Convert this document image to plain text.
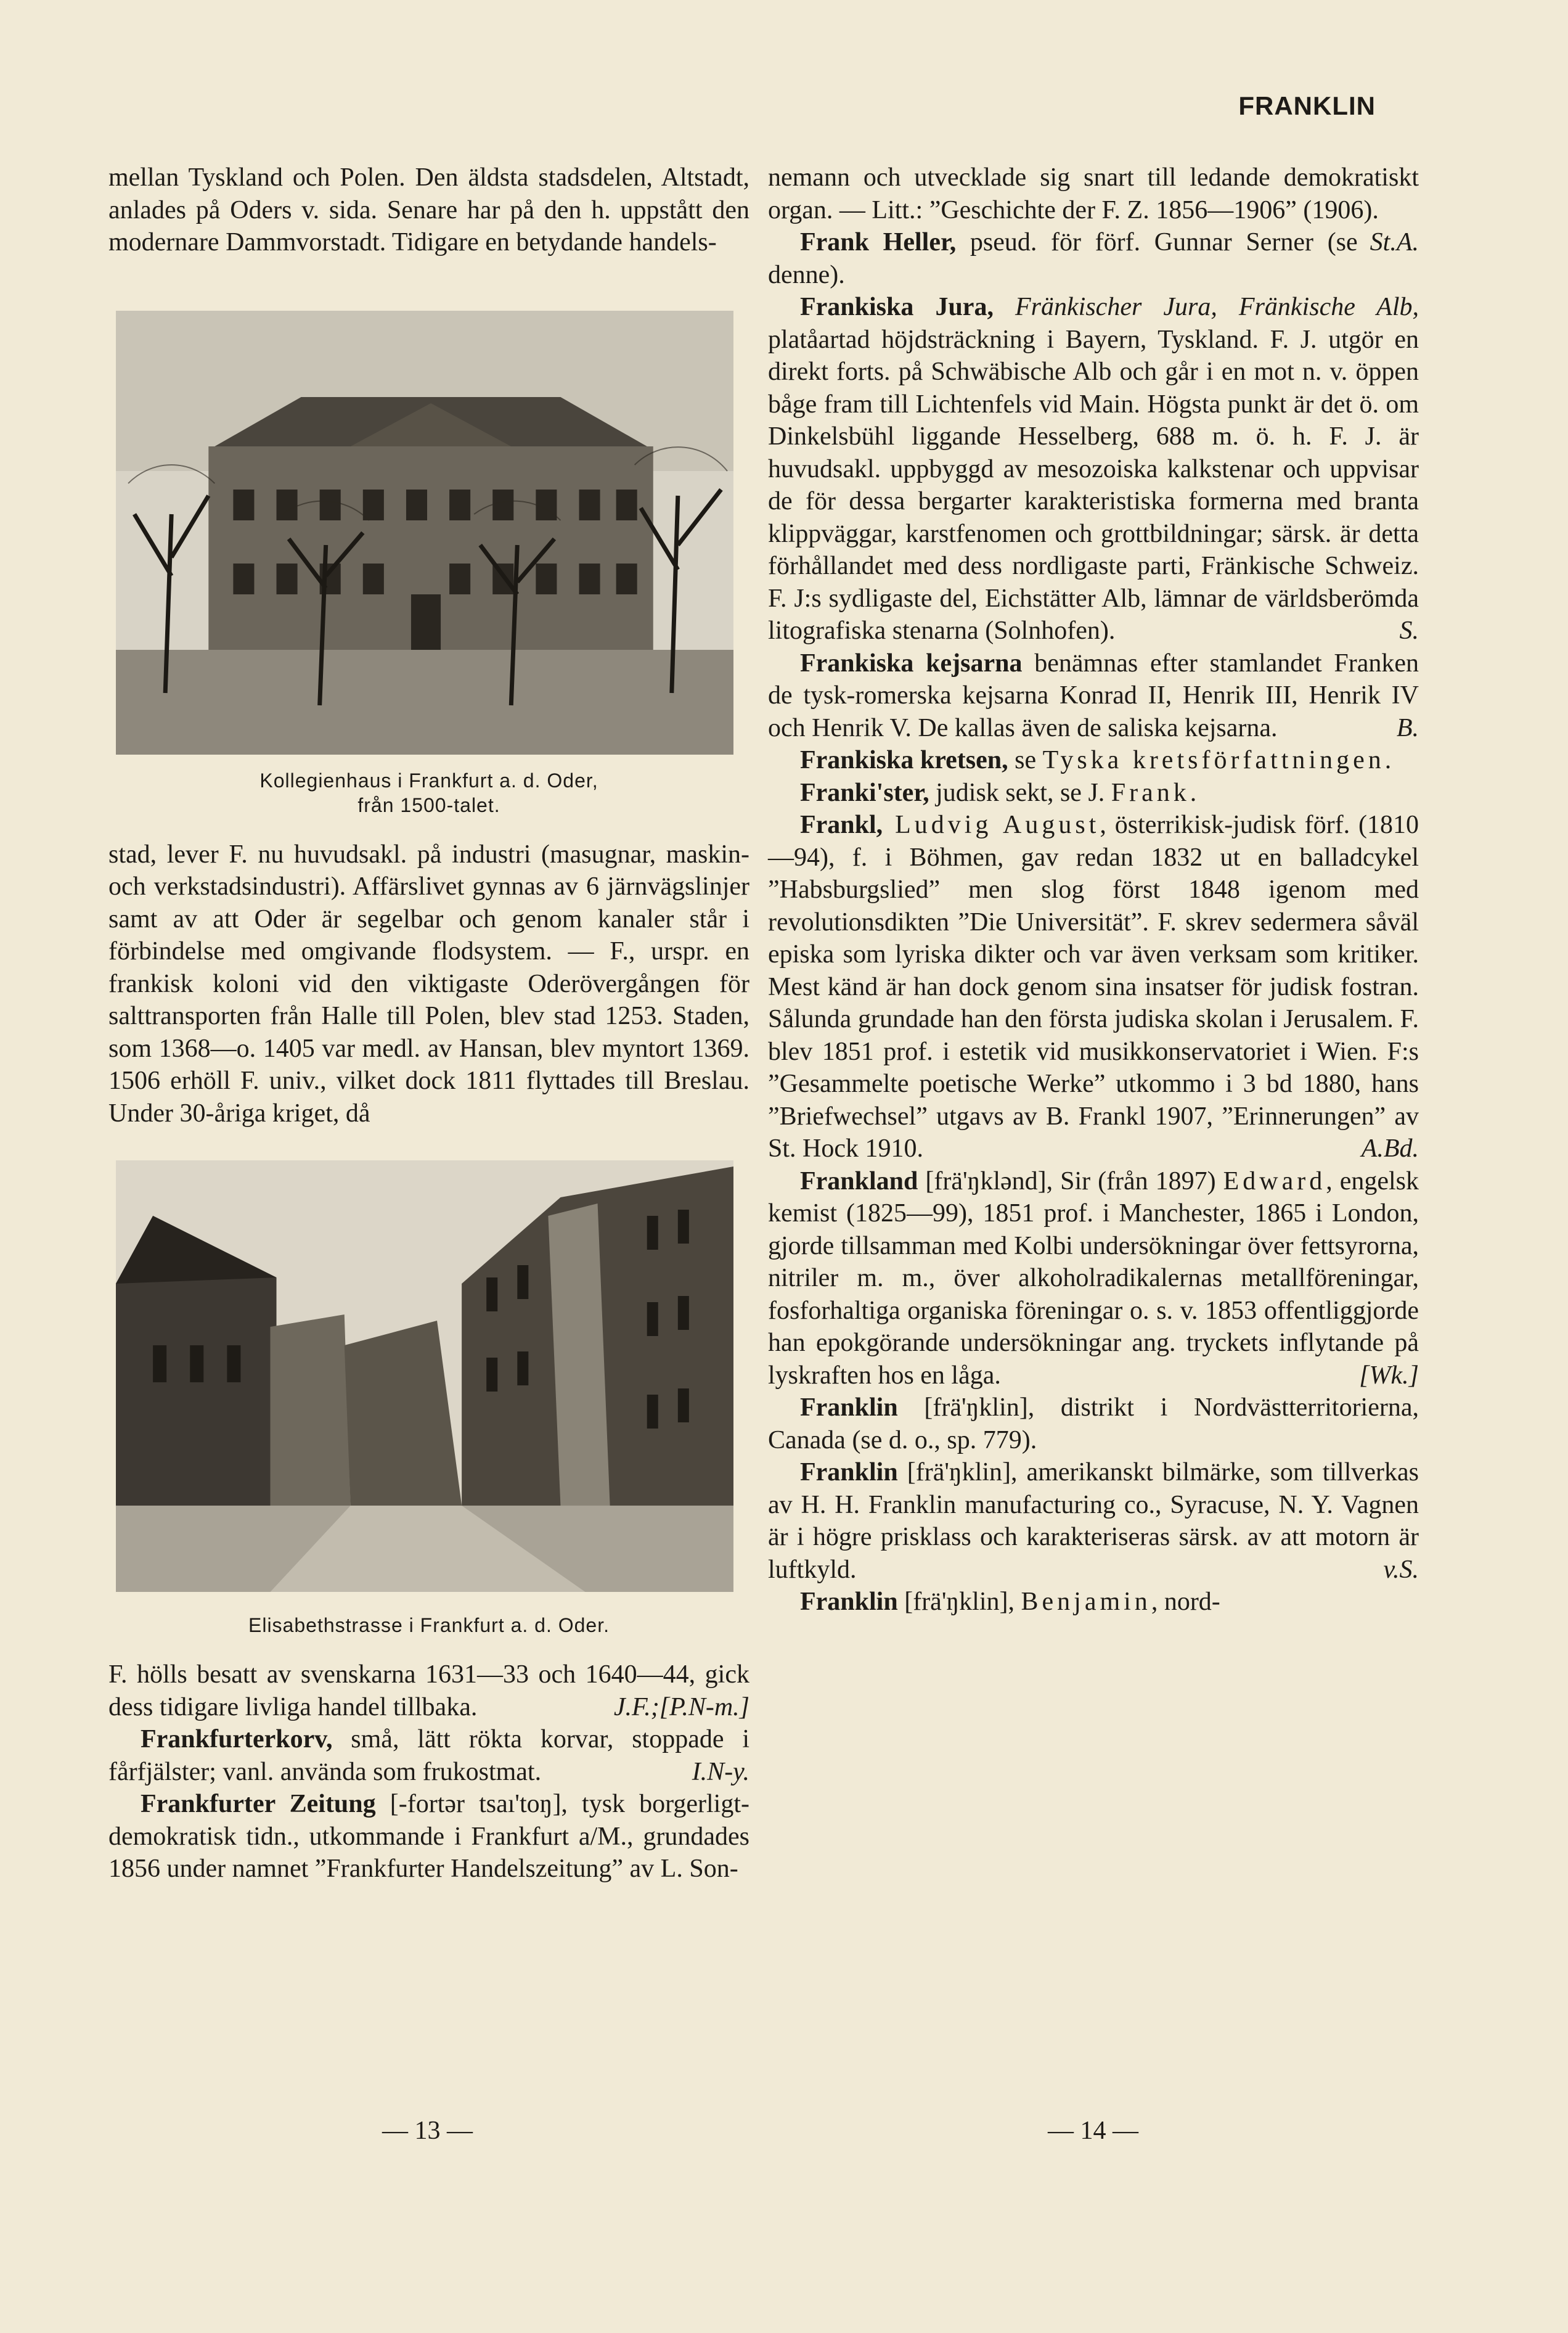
FRANKLIN

mellan Tyskland och Polen. Den äldsta stadsdelen, Altstadt, anlades på Oders v. sida. Senare har på den h. uppstått den modernare Dammvorstadt. Tidigare en betydande handels-

Kollegienhaus i Frankfurt a. d. Oder,
från 1500-talet.

stad, lever F. nu huvudsakl. på industri (masugnar, maskin- och verkstadsindustri). Affärslivet gynnas av 6 järnvägslinjer samt av att Oder är segelbar och genom kanaler står i förbindelse med omgivande flodsystem. — F., urspr. en frankisk koloni vid den viktigaste Oderövergången för salttransporten från Halle till Polen, blev stad 1253. Staden, som 1368—o. 1405 var medl. av Hansan, blev myntort 1369. 1506 erhöll F. univ., vilket dock 1811 flyttades till Breslau. Under 30-åriga kriget, då

Elisabethstrasse i Frankfurt a. d. Oder.

F. hölls besatt av svenskarna 1631—33 och 1640—44, gick dess tidigare livliga handel tillbaka.	J.F.;[P.N-m.]

Frankfurterkorv, små, lätt rökta korvar, stoppade i fårfjälster; vanl. använda som frukostmat.	I.N-y.

Frankfurter Zeitung [-fortər tsaı'toŋ], tysk borgerligt-demokratisk tidn., utkommande i Frankfurt a/M., grundades 1856 under namnet ”Frankfurter Handelszeitung” av L. Son-

nemann och utvecklade sig snart till ledande demokratiskt organ. — Litt.: ”Geschichte der F. Z. 1856—1906” (1906).
St.A.

Frank Heller, pseud. för förf. Gunnar Serner (se denne).

Frankiska Jura, Fränkischer Jura, Fränkische Alb, platåartad höjdsträckning i Bayern, Tyskland. F. J. utgör en direkt forts. på Schwäbische Alb och går i en mot n. v. öppen båge fram till Lichtenfels vid Main. Högsta punkt är det ö. om Dinkelsbühl liggande Hesselberg, 688 m. ö. h. F. J. är huvudsakl. uppbyggd av mesozoiska kalkstenar och uppvisar de för dessa bergarter karakteristiska formerna med branta klippväggar, karstfenomen och grottbildningar; särsk. är detta förhållandet med dess nordligaste parti, Fränkische Schweiz. F. J:s sydligaste del, Eichstätter Alb, lämnar de världsberömda litografiska stenarna (Solnhofen).	S.

Frankiska kejsarna benämnas efter stamlandet Franken de tysk-romerska kejsarna Konrad II, Henrik III, Henrik IV och Henrik V. De kallas även de saliska kejsarna.	B.

Frankiska kretsen, se Tyska kretsförfattningen.

Franki'ster, judisk sekt, se J. Frank.

Frankl, Ludvig August, österrikisk-judisk förf. (1810—94), f. i Böhmen, gav redan 1832 ut en balladcykel ”Habsburgslied” men slog först 1848 igenom med revolutionsdikten ”Die Universität”. F. skrev sedermera såväl episka som lyriska dikter och var även verksam som kritiker. Mest känd är han dock genom sina insatser för judisk fostran. Sålunda grundade han den första judiska skolan i Jerusalem. F. blev 1851 prof. i estetik vid musikkonservatoriet i Wien. F:s ”Gesammelte poetische Werke” utkommo i 3 bd 1880, hans ”Briefwechsel” utgavs av B. Frankl 1907, ”Erinnerungen” av St. Hock 1910.	A.Bd.

Frankland [frä'ŋklənd], Sir (från 1897) Edward, engelsk kemist (1825—99), 1851 prof. i Manchester, 1865 i London, gjorde tillsamman med Kolbi undersökningar över fettsyrorna, nitriler m. m., över alkoholradikalernas metallföreningar, fosforhaltiga organiska föreningar o. s. v. 1853 offentliggjorde han epokgörande undersökningar ang. tryckets inflytande på lyskraften hos en låga.	[Wk.]

Franklin [frä'ŋklin], distrikt i Nordvästterritorierna, Canada (se d. o., sp. 779).

Franklin [frä'ŋklin], amerikanskt bilmärke, som tillverkas av H. H. Franklin manufacturing co., Syracuse, N. Y. Vagnen är i högre prisklass och karakteriseras särsk. av att motorn är luftkyld.	v.S.

Franklin [frä'ŋklin], Benjamin, nord-

— 13 —	— 14 —
